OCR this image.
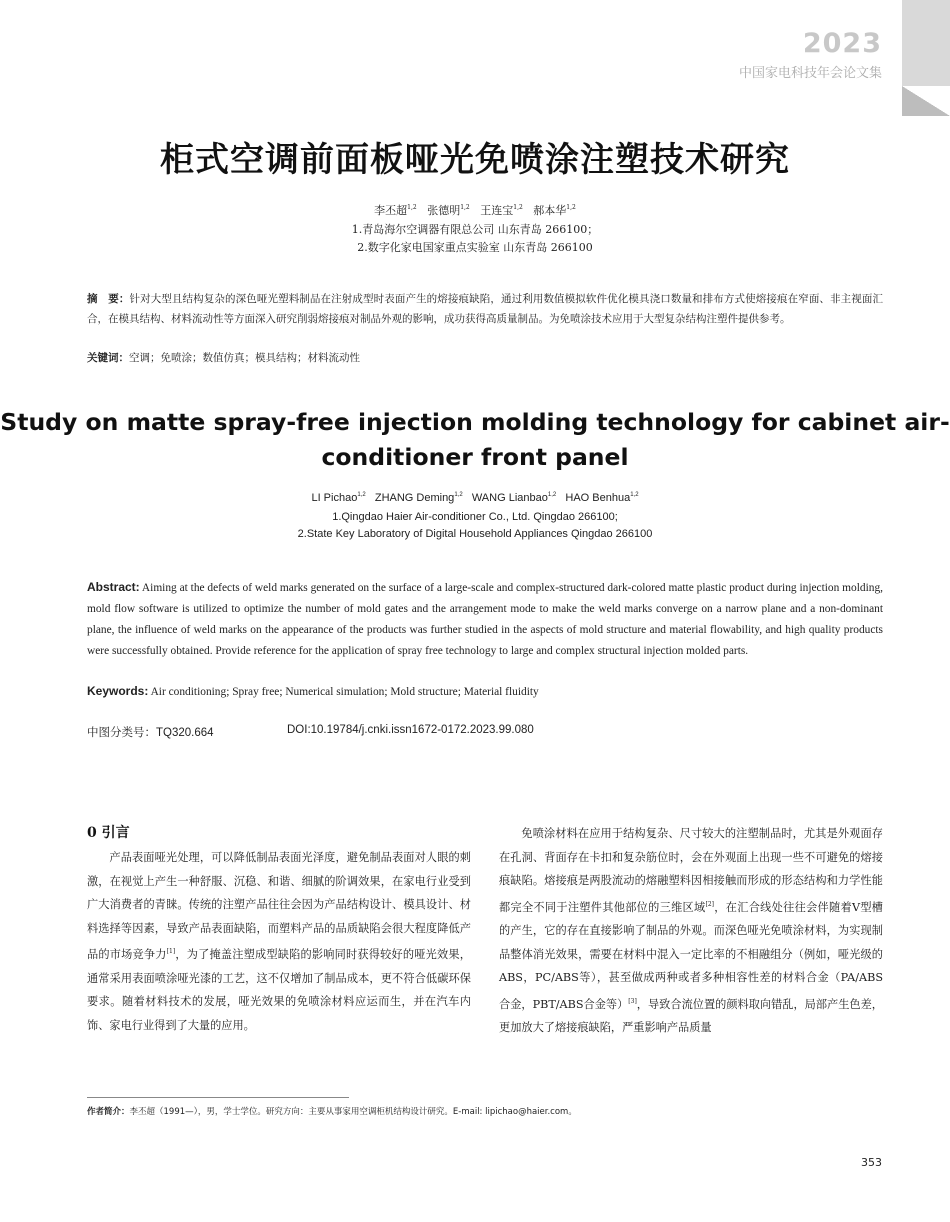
2023
中国家电科技年会论文集
柜式空调前面板哑光免喷涂注塑技术研究
李丕超$^{1,2}$ 张德明$^{1,2}$ 王连宝$^{1,2}$ 郝本华$^{1,2}$
1.青岛海尔空调器有限总公司 山东青岛 266100；
2.数字化家电国家重点实验室 山东青岛 266100
摘　要：针对大型且结构复杂的深色哑光塑料制品在注射成型时表面产生的熔接痕缺陷，通过利用数值模拟软件优化模具浇口数量和排布方式使熔接痕在窄面、非主视面汇合，在模具结构、材料流动性等方面深入研究削弱熔接痕对制品外观的影响，成功获得高质量制品。为免喷涂技术应用于大型复杂结构注塑件提供参考。
关键词：空调；免喷涂；数值仿真；模具结构；材料流动性
Study on matte spray-free injection molding technology for cabinet air-conditioner front panel
LI Pichao$^{1,2}$ ZHANG Deming$^{1,2}$ WANG Lianbao$^{1,2}$ HAO Benhua$^{1,2}$
1.Qingdao Haier Air-conditioner Co., Ltd. Qingdao 266100;
2.State Key Laboratory of Digital Household Appliances Qingdao 266100
Abstract: Aiming at the defects of weld marks generated on the surface of a large-scale and complex-structured dark-colored matte plastic product during injection molding, mold flow software is utilized to optimize the number of mold gates and the arrangement mode to make the weld marks converge on a narrow plane and a non-dominant plane, the influence of weld marks on the appearance of the products was further studied in the aspects of mold structure and material flowability, and high quality products were successfully obtained. Provide reference for the application of spray free technology to large and complex structural injection molded parts.
Keywords: Air conditioning; Spray free; Numerical simulation; Mold structure; Material fluidity
中图分类号：TQ320.664	DOI:10.19784/j.cnki.issn1672-0172.2023.99.080
0 引言

产品表面哑光处理，可以降低制品表面光泽度，避免制品表面对人眼的刺激，在视觉上产生一种舒服、沉稳、和谐、细腻的阶调效果，在家电行业受到广大消费者的青睐。传统的注塑产品往往会因为产品结构设计、模具设计、材料选择等因素，导致产品表面缺陷，而塑料产品的品质缺陷会很大程度降低产品的市场竞争力[1]，为了掩盖注塑成型缺陷的影响同时获得较好的哑光效果，通常采用表面喷涂哑光漆的工艺，这不仅增加了制品成本，更不符合低碳环保要求。随着材料技术的发展，哑光效果的免喷涂材料应运而生，并在汽车内饰、家电行业得到了大量的应用。

免喷涂材料在应用于结构复杂、尺寸较大的注塑制品时，尤其是外观面存在孔洞、背面存在卡扣和复杂筋位时，会在外观面上出现一些不可避免的熔接痕缺陷。熔接痕是两股流动的熔融塑料因相接触而形成的形态结构和力学性能都完全不同于注塑件其他部位的三维区域[2]，在汇合线处往往会伴随着V型槽的产生，它的存在直接影响了制品的外观。而深色哑光免喷涂材料，为实现制品整体消光效果，需要在材料中混入一定比率的不相融组分（例如，哑光级的ABS，PC/ABS等），甚至做成两种或者多种相容性差的材料合金（PA/ABS合金，PBT/ABS合金等）[3]，导致合流位置的颜料取向错乱，局部产生色差，更加放大了熔接痕缺陷，严重影响产品质量

作者简介：李丕超（1991—），男，学士学位。研究方向：主要从事家用空调柜机结构设计研究。E-mail: lipichao@haier.com。
353
